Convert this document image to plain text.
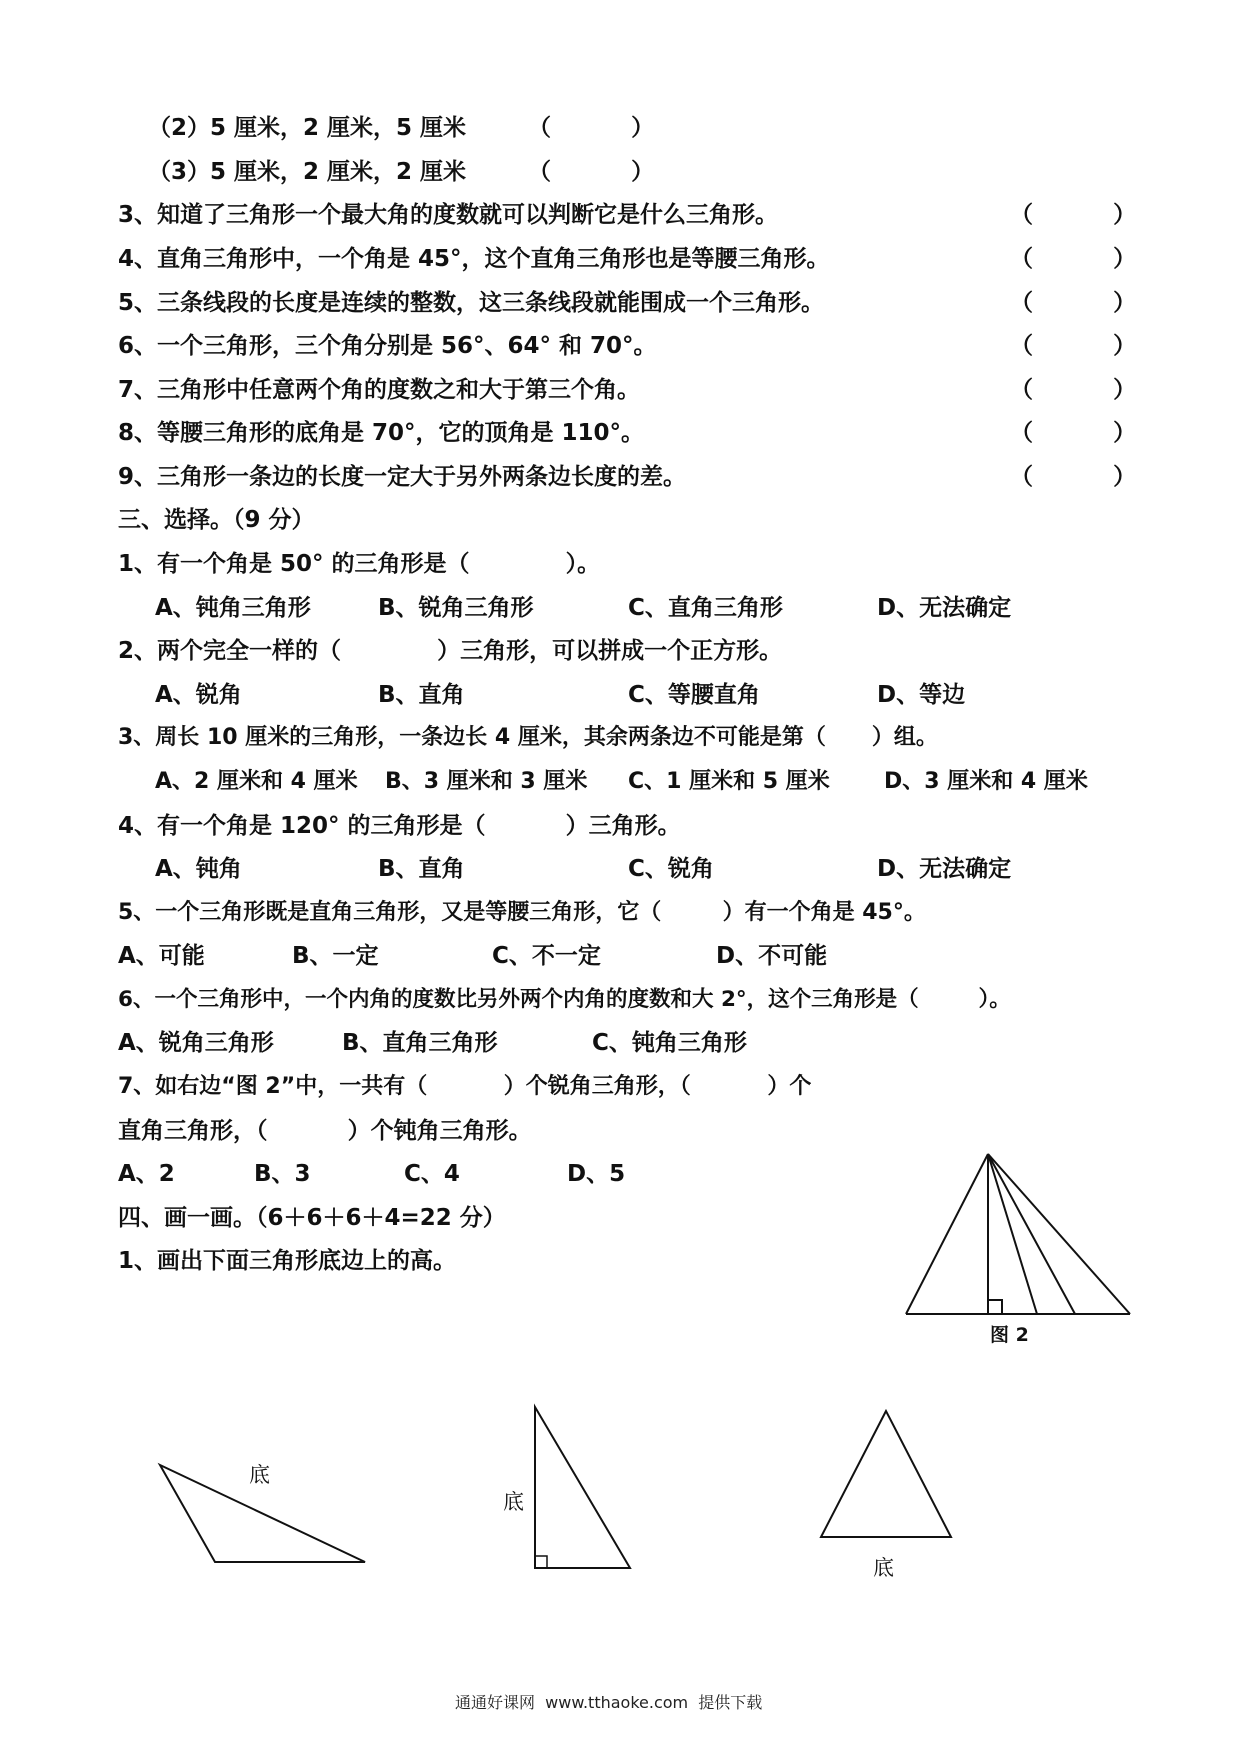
（2）5 厘米，2 厘米，5 厘米	（          ）
（3）5 厘米，2 厘米，2 厘米	（          ）
3、知道了三角形一个最大角的度数就可以判断它是什么三角形。	（          ）
4、直角三角形中，一个角是 45°，这个直角三角形也是等腰三角形。	（          ）
5、三条线段的长度是连续的整数，这三条线段就能围成一个三角形。	（          ）
6、一个三角形，三个角分别是 56°、64° 和 70°。	（          ）
7、三角形中任意两个角的度数之和大于第三个角。	（          ）
8、等腰三角形的底角是 70°，它的顶角是 110°。	（          ）
9、三角形一条边的长度一定大于另外两条边长度的差。	（          ）
三、选择。（9 分）
1、有一个角是 50° 的三角形是（            ）。
A、钝角三角形	B、锐角三角形	C、直角三角形	D、无法确定
2、两个完全一样的（            ）三角形，可以拼成一个正方形。
A、锐角	B、直角	C、等腰直角	D、等边
3、周长 10 厘米的三角形，一条边长 4 厘米，其余两条边不可能是第（      ）组。
A、2 厘米和 4 厘米 B、3 厘米和 3 厘米 C、1 厘米和 5 厘米 D、3 厘米和 4 厘米
4、有一个角是 120° 的三角形是（          ）三角形。
A、钝角	B、直角	C、锐角	D、无法确定
5、一个三角形既是直角三角形，又是等腰三角形，它（        ）有一个角是 45°。
A、可能	B、一定	C、不一定	D、不可能
6、一个三角形中，一个内角的度数比另外两个内角的度数和大 2°，这个三角形是（        ）。
A、锐角三角形	B、直角三角形	C、钝角三角形
7、如右边“图 2”中，一共有（          ）个锐角三角形，（          ）个
直角三角形，（          ）个钝角三角形。
A、2	B、3	C、4	D、5
图 2
四、画一画。（6＋6＋6＋4=22 分）
1、画出下面三角形底边上的高。
底
底
底
通通好课网  www.tthaoke.com  提供下载
